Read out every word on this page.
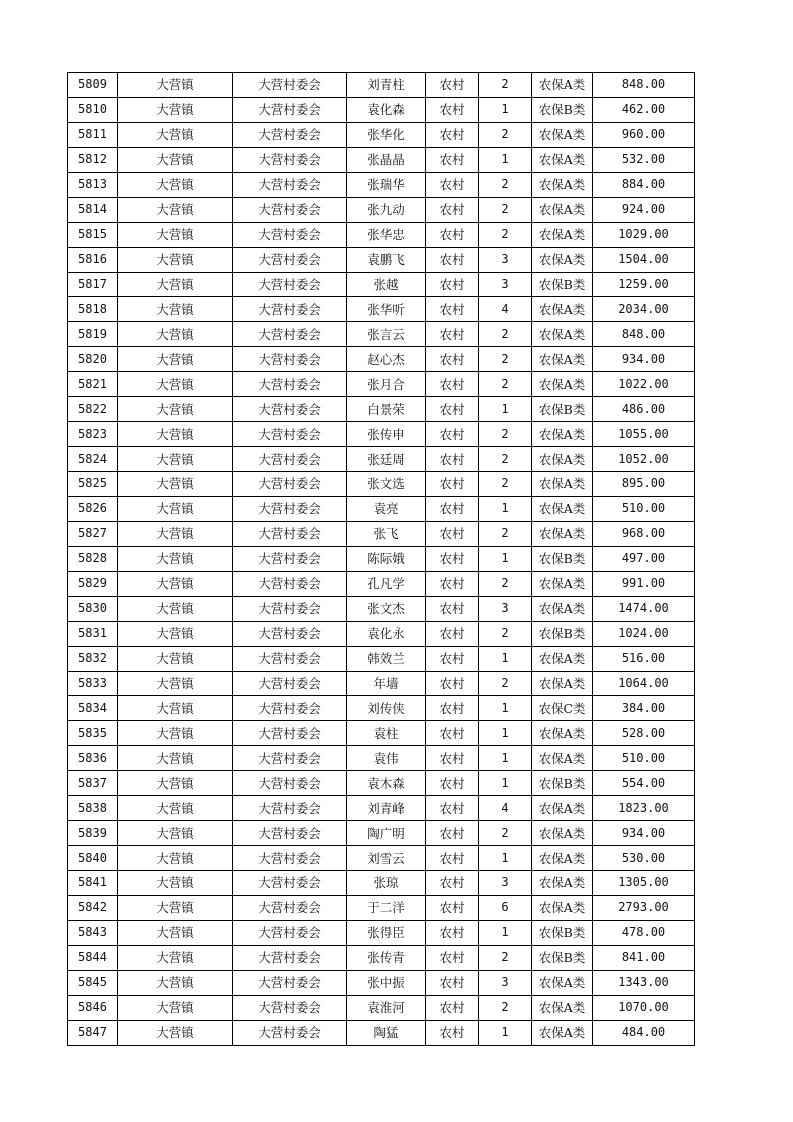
5809	大营镇	大营村委会	刘青柱	农村	2	农保A类	848.00
5810	大营镇	大营村委会	袁化森	农村	1	农保B类	462.00
5811	大营镇	大营村委会	张华化	农村	2	农保A类	960.00
5812	大营镇	大营村委会	张晶晶	农村	1	农保A类	532.00
5813	大营镇	大营村委会	张瑞华	农村	2	农保A类	884.00
5814	大营镇	大营村委会	张九动	农村	2	农保A类	924.00
5815	大营镇	大营村委会	张华忠	农村	2	农保A类	1029.00
5816	大营镇	大营村委会	袁鹏飞	农村	3	农保A类	1504.00
5817	大营镇	大营村委会	张越	农村	3	农保B类	1259.00
5818	大营镇	大营村委会	张华听	农村	4	农保A类	2034.00
5819	大营镇	大营村委会	张言云	农村	2	农保A类	848.00
5820	大营镇	大营村委会	赵心杰	农村	2	农保A类	934.00
5821	大营镇	大营村委会	张月合	农村	2	农保A类	1022.00
5822	大营镇	大营村委会	白景荣	农村	1	农保B类	486.00
5823	大营镇	大营村委会	张传申	农村	2	农保A类	1055.00
5824	大营镇	大营村委会	张廷周	农村	2	农保A类	1052.00
5825	大营镇	大营村委会	张文选	农村	2	农保A类	895.00
5826	大营镇	大营村委会	袁亮	农村	1	农保A类	510.00
5827	大营镇	大营村委会	张飞	农村	2	农保A类	968.00
5828	大营镇	大营村委会	陈际娥	农村	1	农保B类	497.00
5829	大营镇	大营村委会	孔凡学	农村	2	农保A类	991.00
5830	大营镇	大营村委会	张文杰	农村	3	农保A类	1474.00
5831	大营镇	大营村委会	袁化永	农村	2	农保B类	1024.00
5832	大营镇	大营村委会	韩效兰	农村	1	农保A类	516.00
5833	大营镇	大营村委会	年墙	农村	2	农保A类	1064.00
5834	大营镇	大营村委会	刘传侠	农村	1	农保C类	384.00
5835	大营镇	大营村委会	袁柱	农村	1	农保A类	528.00
5836	大营镇	大营村委会	袁伟	农村	1	农保A类	510.00
5837	大营镇	大营村委会	袁木森	农村	1	农保B类	554.00
5838	大营镇	大营村委会	刘青峰	农村	4	农保A类	1823.00
5839	大营镇	大营村委会	陶广明	农村	2	农保A类	934.00
5840	大营镇	大营村委会	刘雪云	农村	1	农保A类	530.00
5841	大营镇	大营村委会	张琼	农村	3	农保A类	1305.00
5842	大营镇	大营村委会	于二洋	农村	6	农保A类	2793.00
5843	大营镇	大营村委会	张得臣	农村	1	农保B类	478.00
5844	大营镇	大营村委会	张传青	农村	2	农保B类	841.00
5845	大营镇	大营村委会	张中振	农村	3	农保A类	1343.00
5846	大营镇	大营村委会	袁淮河	农村	2	农保A类	1070.00
5847	大营镇	大营村委会	陶猛	农村	1	农保A类	484.00
